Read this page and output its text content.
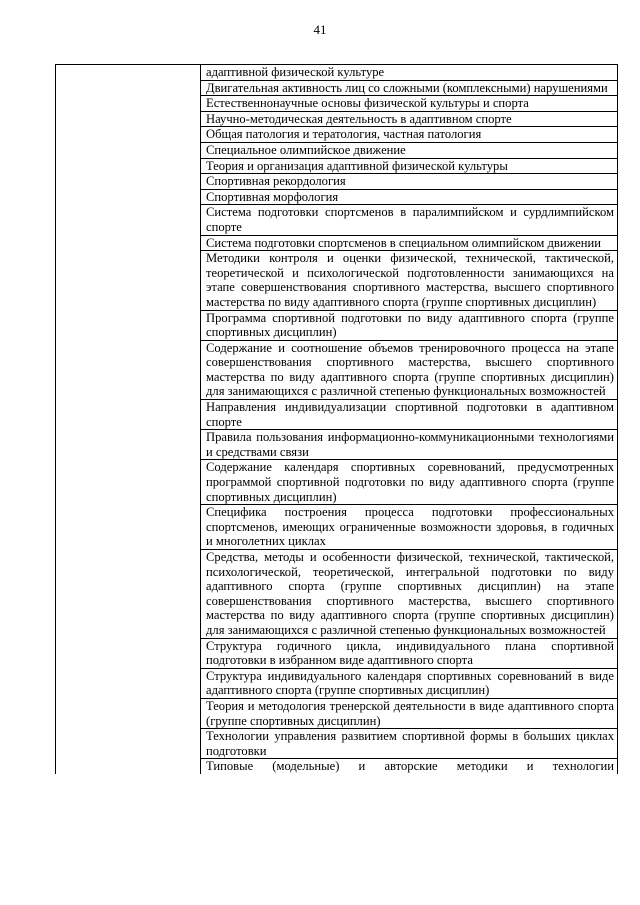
41
	адаптивной физической культуре
Двигательная активность лиц со сложными (комплексными) нарушениями
Естественнонаучные основы физической культуры и спорта
Научно-методическая деятельность в адаптивном спорте
Общая патология и тератология, частная патология
Специальное олимпийское движение
Теория и организация адаптивной физической культуры
Спортивная рекордология
Спортивная морфология
Система подготовки спортсменов в паралимпийском и сурдлимпийском спорте
Система подготовки спортсменов в специальном олимпийском движении
Методики контроля и оценки физической, технической, тактической, теоретической и психологической подготовленности занимающихся на этапе совершенствования спортивного мастерства, высшего спортивного мастерства по виду адаптивного спорта (группе спортивных дисциплин)
Программа спортивной подготовки по виду адаптивного спорта (группе спортивных дисциплин)
Содержание и соотношение объемов тренировочного процесса на этапе совершенствования спортивного мастерства, высшего спортивного мастерства по виду адаптивного спорта (группе спортивных дисциплин) для занимающихся с различной степенью функциональных возможностей
Направления индивидуализации спортивной подготовки в адаптивном спорте
Правила пользования информационно-коммуникационными технологиями и средствами связи
Содержание календаря спортивных соревнований, предусмотренных программой спортивной подготовки по виду адаптивного спорта (группе спортивных дисциплин)
Специфика построения процесса подготовки профессиональных спортсменов, имеющих ограниченные возможности здоровья, в годичных и многолетних циклах
Средства, методы и особенности физической, технической, тактической, психологической, теоретической, интегральной подготовки по виду адаптивного спорта (группе спортивных дисциплин) на этапе совершенствования спортивного мастерства, высшего спортивного мастерства по виду адаптивного спорта (группе спортивных дисциплин) для занимающихся с различной степенью функциональных возможностей
Структура годичного цикла, индивидуального плана спортивной подготовки в избранном виде адаптивного спорта
Структура индивидуального календаря спортивных соревнований в виде адаптивного спорта (группе спортивных дисциплин)
Теория и методология тренерской деятельности в виде адаптивного спорта (группе спортивных дисциплин)
Технологии управления развитием спортивной формы в больших циклах подготовки
Типовые (модельные) и авторские методики и технологии
